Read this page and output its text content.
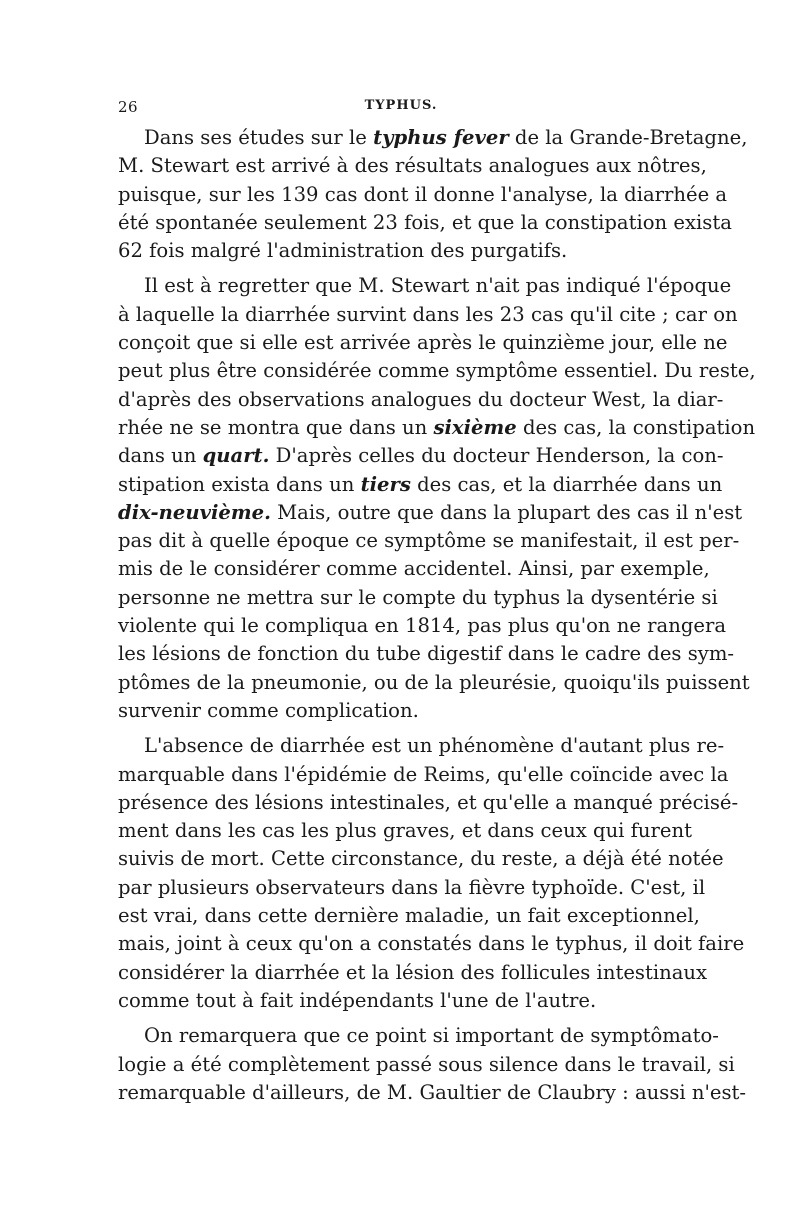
26	TYPHUS.
Dans ses études sur le typhus fever de la Grande-Bretagne,
M. Stewart est arrivé à des résultats analogues aux nôtres,
puisque, sur les 139 cas dont il donne l'analyse, la diarrhée a
été spontanée seulement 23 fois, et que la constipation exista
62 fois malgré l'administration des purgatifs.
Il est à regretter que M. Stewart n'ait pas indiqué l'époque
à laquelle la diarrhée survint dans les 23 cas qu'il cite ; car on
conçoit que si elle est arrivée après le quinzième jour, elle ne
peut plus être considérée comme symptôme essentiel. Du reste,
d'après des observations analogues du docteur West, la diar-
rhée ne se montra que dans un sixième des cas, la constipation
dans un quart. D'après celles du docteur Henderson, la con-
stipation exista dans un tiers des cas, et la diarrhée dans un
dix-neuvième. Mais, outre que dans la plupart des cas il n'est
pas dit à quelle époque ce symptôme se manifestait, il est per-
mis de le considérer comme accidentel. Ainsi, par exemple,
personne ne mettra sur le compte du typhus la dysentérie si
violente qui le compliqua en 1814, pas plus qu'on ne rangera
les lésions de fonction du tube digestif dans le cadre des sym-
ptômes de la pneumonie, ou de la pleurésie, quoiqu'ils puissent
survenir comme complication.
L'absence de diarrhée est un phénomène d'autant plus re-
marquable dans l'épidémie de Reims, qu'elle coïncide avec la
présence des lésions intestinales, et qu'elle a manqué précisé-
ment dans les cas les plus graves, et dans ceux qui furent
suivis de mort. Cette circonstance, du reste, a déjà été notée
par plusieurs observateurs dans la fièvre typhoïde. C'est, il
est vrai, dans cette dernière maladie, un fait exceptionnel,
mais, joint à ceux qu'on a constatés dans le typhus, il doit faire
considérer la diarrhée et la lésion des follicules intestinaux
comme tout à fait indépendants l'une de l'autre.
On remarquera que ce point si important de symptômato-
logie a été complètement passé sous silence dans le travail, si
remarquable d'ailleurs, de M. Gaultier de Claubry : aussi n'est-
